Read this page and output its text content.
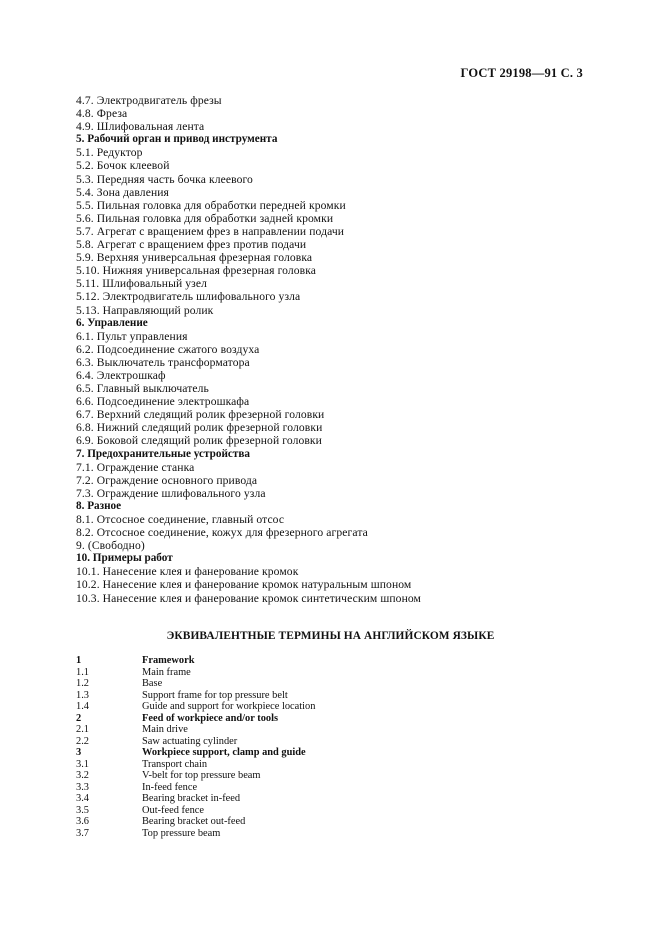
ГОСТ 29198—91 С. 3
4.7. Электродвигатель фрезы
4.8. Фреза
4.9. Шлифовальная лента
5. Рабочий орган и привод инструмента
5.1. Редуктор
5.2. Бочок клеевой
5.3. Передняя часть бочка клеевого
5.4. Зона давления
5.5. Пильная головка для обработки передней кромки
5.6. Пильная головка для обработки задней кромки
5.7. Агрегат с вращением фрез в направлении подачи
5.8. Агрегат с вращением фрез против подачи
5.9. Верхняя универсальная фрезерная головка
5.10. Нижняя универсальная фрезерная головка
5.11. Шлифовальный узел
5.12. Электродвигатель шлифовального узла
5.13. Направляющий ролик
6. Управление
6.1. Пульт управления
6.2. Подсоединение сжатого воздуха
6.3. Выключатель трансформатора
6.4. Электрошкаф
6.5. Главный выключатель
6.6. Подсоединение электрошкафа
6.7. Верхний следящий ролик фрезерной головки
6.8. Нижний следящий ролик фрезерной головки
6.9. Боковой следящий ролик фрезерной головки
7. Предохранительные устройства
7.1. Ограждение станка
7.2. Ограждение основного привода
7.3. Ограждение шлифовального узла
8. Разное
8.1. Отсосное соединение, главный отсос
8.2. Отсосное соединение, кожух для фрезерного агрегата
9. (Свободно)
10. Примеры работ
10.1. Нанесение клея и фанерование кромок
10.2. Нанесение клея и фанерование кромок натуральным шпоном
10.3. Нанесение клея и фанерование кромок синтетическим шпоном
ЭКВИВАЛЕНТНЫЕ ТЕРМИНЫ НА АНГЛИЙСКОМ ЯЗЫКЕ
1	Framework
1.1	Main frame
1.2	Base
1.3	Support frame for top pressure belt
1.4	Guide and support for workpiece location
2	Feed of workpiece and/or tools
2.1	Main drive
2.2	Saw actuating cylinder
3	Workpiece support, clamp and guide
3.1	Transport chain
3.2	V-belt for top pressure beam
3.3	In-feed fence
3.4	Bearing bracket in-feed
3.5	Out-feed fence
3.6	Bearing bracket out-feed
3.7	Top pressure beam
